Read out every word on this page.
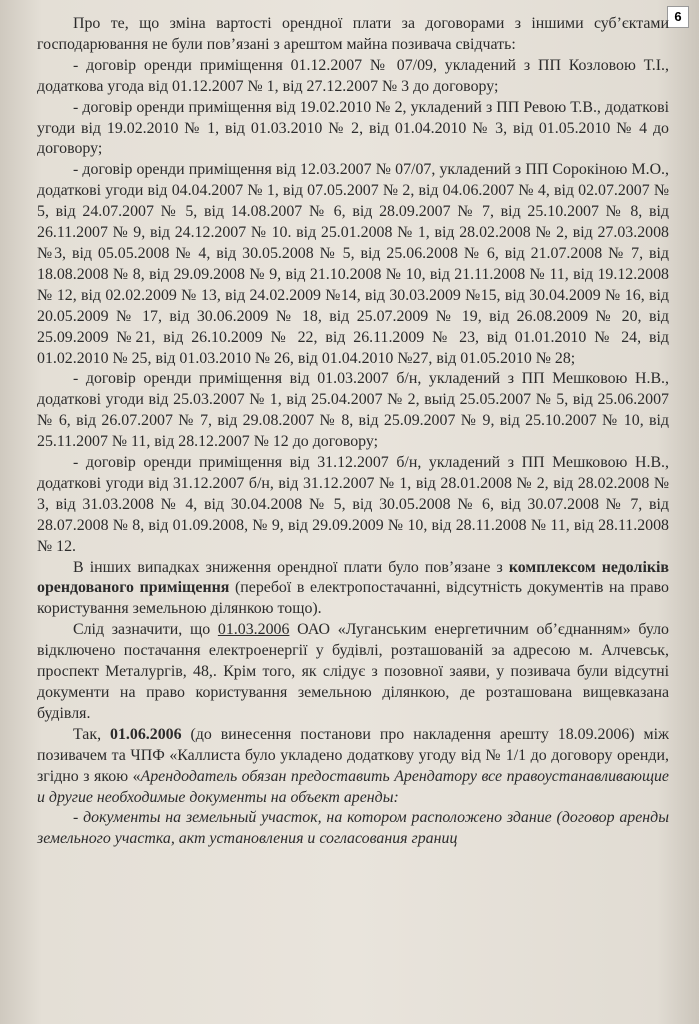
6

Про те, що зміна вартості орендної плати за договорами з іншими суб’єктами господарювання не були пов’язані з арештом майна позивача свідчать:

- договір оренди приміщення 01.12.2007 № 07/09, укладений з ПП Козловою Т.І., додаткова угода від 01.12.2007 № 1, від 27.12.2007 № 3 до договору;

- договір оренди приміщення від 19.02.2010 № 2, укладений з ПП Ревою Т.В., додаткові угоди від 19.02.2010 № 1, від 01.03.2010 № 2, від 01.04.2010 № 3, від 01.05.2010 № 4 до договору;

- договір оренди приміщення від 12.03.2007 № 07/07, укладений з ПП Сорокіною М.О., додаткові угоди від 04.04.2007 № 1, від 07.05.2007 № 2, від 04.06.2007 № 4, від 02.07.2007 № 5, від 24.07.2007 № 5, від 14.08.2007 № 6, від 28.09.2007 № 7, від 25.10.2007 № 8, від 26.11.2007 № 9, від 24.12.2007 № 10. від 25.01.2008 № 1, від 28.02.2008 № 2, від 27.03.2008 №3, від 05.05.2008 № 4, від 30.05.2008 № 5, від 25.06.2008 № 6, від 21.07.2008 № 7, від 18.08.2008 № 8, від 29.09.2008 № 9, від 21.10.2008 № 10, від 21.11.2008 № 11, від 19.12.2008 № 12, від 02.02.2009 № 13, від 24.02.2009 №14, від 30.03.2009 №15, від 30.04.2009 № 16, від 20.05.2009 № 17, від 30.06.2009 № 18, від 25.07.2009 № 19, від 26.08.2009 № 20, від 25.09.2009 №21, від 26.10.2009 № 22, від 26.11.2009 № 23, від 01.01.2010 № 24, від 01.02.2010 № 25, від 01.03.2010 № 26, від 01.04.2010 №27, від 01.05.2010 № 28;

- договір оренди приміщення від 01.03.2007 б/н, укладений з ПП Мешковою Н.В., додаткові угоди від 25.03.2007 № 1, від 25.04.2007 № 2, выід 25.05.2007 № 5, від 25.06.2007 № 6, від 26.07.2007 № 7, від 29.08.2007 № 8, від 25.09.2007 № 9, від 25.10.2007 № 10, від 25.11.2007 № 11, від 28.12.2007 № 12 до договору;

- договір оренди приміщення від 31.12.2007 б/н, укладений з ПП Мешковою Н.В., додаткові угоди від 31.12.2007 б/н, від 31.12.2007 № 1, від 28.01.2008 № 2, від 28.02.2008 № 3, від 31.03.2008 № 4, від 30.04.2008 № 5, від 30.05.2008 № 6, від 30.07.2008 № 7, від 28.07.2008 № 8, від 01.09.2008, № 9, від 29.09.2009 № 10, від 28.11.2008 № 11, від 28.11.2008 № 12.

В інших випадках зниження орендної плати було пов’язане з комплексом недоліків орендованого приміщення (перебої в електропостачанні, відсутність документів на право користування земельною ділянкою тощо).

Слід зазначити, що 01.03.2006 ОАО «Луганським енергетичним об’єднанням» було відключено постачання електроенергії у будівлі, розташованій за адресою м. Алчевськ, проспект Металургів, 48,. Крім того, як слідує з позовної заяви, у позивача були відсутні документи на право користування земельною ділянкою, де розташована вищевказана будівля.

Так, 01.06.2006 (до винесення постанови про накладення арешту 18.09.2006) між позивачем та ЧПФ «Каллиста було укладено додаткову угоду від № 1/1 до договору оренди, згідно з якою «Арендодатель обязан предоставить Арендатору все правоустанавливающие и другие необходимые документы на объект аренды:

- документы на земельный участок, на котором расположено здание (договор аренды земельного участка, акт установления и согласования границ
